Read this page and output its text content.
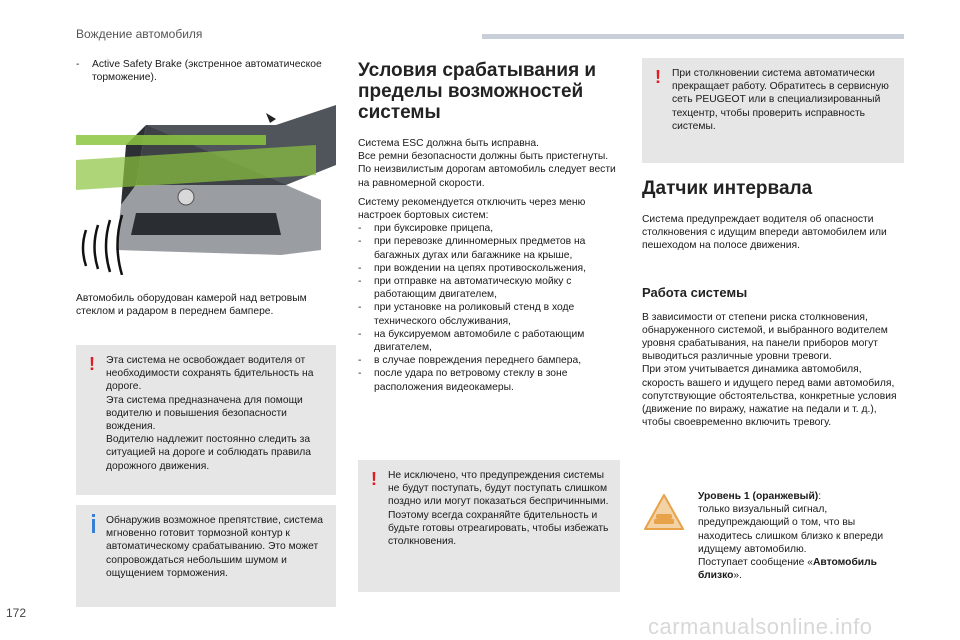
Вождение автомобиля
-	Active Safety Brake (экстренное автоматическое торможение).
Автомобиль оборудован камерой над ветровым стеклом и радаром в переднем бампере.
! Эта система не освобождает водителя от необходимости сохранять бдительность на дороге.
Эта система предназначена для помощи водителю и повышения безопасности вождения.
Водителю надлежит постоянно следить за ситуацией на дороге и соблюдать правила дорожного движения.
Обнаружив возможное препятствие, система мгновенно готовит тормозной контур к автоматическому срабатыванию. Это может сопровождаться небольшим шумом и ощущением торможения.
Условия срабатывания и пределы возможностей системы

Система ESC должна быть исправна.
Все ремни безопасности должны быть пристегнуты.
По неизвилистым дорогам автомобиль следует вести на равномерной скорости.

Систему рекомендуется отключить через меню настроек бортовых систем:

-	при буксировке прицепа,
-	при перевозке длинномерных предметов на багажных дугах или багажнике на крыше,
-	при вождении на цепях противоскольжения,
-	при отправке на автоматическую мойку с работающим двигателем,
-	при установке на роликовый стенд в ходе технического обслуживания,
-	на буксируемом автомобиле с работающим двигателем,
-	в случае повреждения переднего бампера,
-	после удара по ветровому стеклу в зоне расположения видеокамеры.
! Не исключено, что предупреждения системы не будут поступать, будут поступать слишком поздно или могут показаться беспричинными.
Поэтому всегда сохраняйте бдительность и будьте готовы отреагировать, чтобы избежать столкновения.
! При столкновении система автоматически прекращает работу. Обратитесь в сервисную сеть PEUGEOT или в специализированный техцентр, чтобы проверить исправность системы.
Датчик интервала

Система предупреждает водителя об опасности столкновения с идущим впереди автомобилем или пешеходом на полосе движения.

Работа системы

В зависимости от степени риска столкновения, обнаруженного системой, и выбранного водителем уровня срабатывания, на панели приборов могут выводиться различные уровни тревоги.
При этом учитывается динамика автомобиля, скорость вашего и идущего перед вами автомобиля, сопутствующие обстоятельства, конкретные условия (движение по виражу, нажатие на педали и т. д.), чтобы своевременно включить тревогу.

Уровень 1 (оранжевый):
только визуальный сигнал, предупреждающий о том, что вы находитесь слишком близко к впереди идущему автомобилю.
Поступает сообщение «Автомобиль близко».
172
carmanualsonline.info
